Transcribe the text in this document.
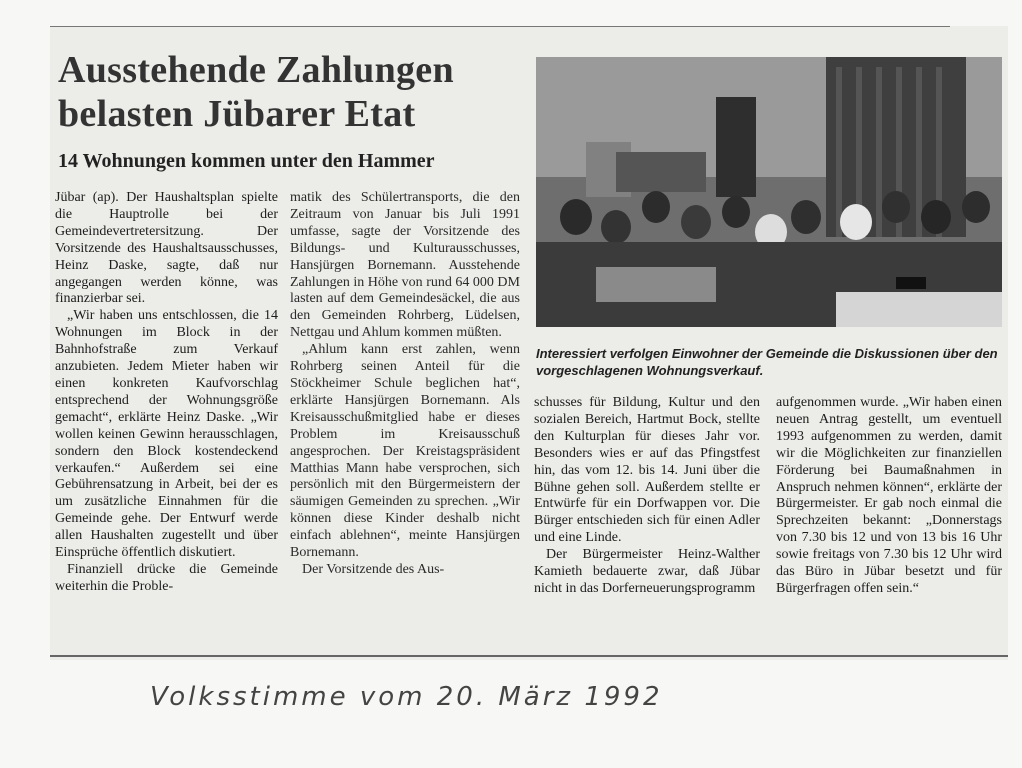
Ausstehende Zahlungen
belasten Jübarer Etat
14 Wohnungen kommen unter den Hammer

Jübar (ap). Der Haushaltsplan spielte die Hauptrolle bei der Gemeindevertretersitzung. Der Vorsitzende des Haushaltsausschusses, Heinz Daske, sagte, daß nur angegangen werden könne, was finanzierbar sei.

„Wir haben uns entschlossen, die 14 Wohnungen im Block in der Bahnhofstraße zum Verkauf anzubieten. Jedem Mieter haben wir einen konkreten Kaufvorschlag entsprechend der Wohnungsgröße gemacht“, erklärte Heinz Daske. „Wir wollen keinen Gewinn herausschlagen, sondern den Block kostendeckend verkaufen.“ Außerdem sei eine Gebührensatzung in Arbeit, bei der es um zusätzliche Einnahmen für die Gemeinde gehe. Der Entwurf werde allen Haushalten zugestellt und über Einsprüche öffentlich diskutiert.

Finanziell drücke die Gemeinde weiterhin die Proble-

matik des Schülertransports, die den Zeitraum von Januar bis Juli 1991 umfasse, sagte der Vorsitzende des Bildungs- und Kulturausschusses, Hansjürgen Bornemann. Ausstehende Zahlungen in Höhe von rund 64 000 DM lasten auf dem Gemeindesäckel, die aus den Gemeinden Rohrberg, Lüdelsen, Nettgau und Ahlum kommen müßten.

„Ahlum kann erst zahlen, wenn Rohrberg seinen Anteil für die Stöckheimer Schule beglichen hat“, erklärte Hansjürgen Bornemann. Als Kreisausschußmitglied habe er dieses Problem im Kreisausschuß angesprochen. Der Kreistagspräsident Matthias Mann habe versprochen, sich persönlich mit den Bürgermeistern der säumigen Gemeinden zu sprechen. „Wir können diese Kinder deshalb nicht einfach ablehnen“, meinte Hansjürgen Bornemann.

Der Vorsitzende des Aus-

Interessiert verfolgen Einwohner der Gemeinde die Diskussionen über den vorgeschlagenen Wohnungsverkauf.

schusses für Bildung, Kultur und den sozialen Bereich, Hartmut Bock, stellte den Kulturplan für dieses Jahr vor. Besonders wies er auf das Pfingstfest hin, das vom 12. bis 14. Juni über die Bühne gehen soll. Außerdem stellte er Entwürfe für ein Dorfwappen vor. Die Bürger entschieden sich für einen Adler und eine Linde.

Der Bürgermeister Heinz-Walther Kamieth bedauerte zwar, daß Jübar nicht in das Dorferneuerungsprogramm

aufgenommen wurde. „Wir haben einen neuen Antrag gestellt, um eventuell 1993 aufgenommen zu werden, damit wir die Möglichkeiten zur finanziellen Förderung bei Baumaßnahmen in Anspruch nehmen können“, erklärte der Bürgermeister. Er gab noch einmal die Sprechzeiten bekannt: „Donnerstags von 7.30 bis 12 und von 13 bis 16 Uhr sowie freitags von 7.30 bis 12 Uhr wird das Büro in Jübar besetzt und für Bürgerfragen offen sein.“

Volksstimme vom 20. März 1992
